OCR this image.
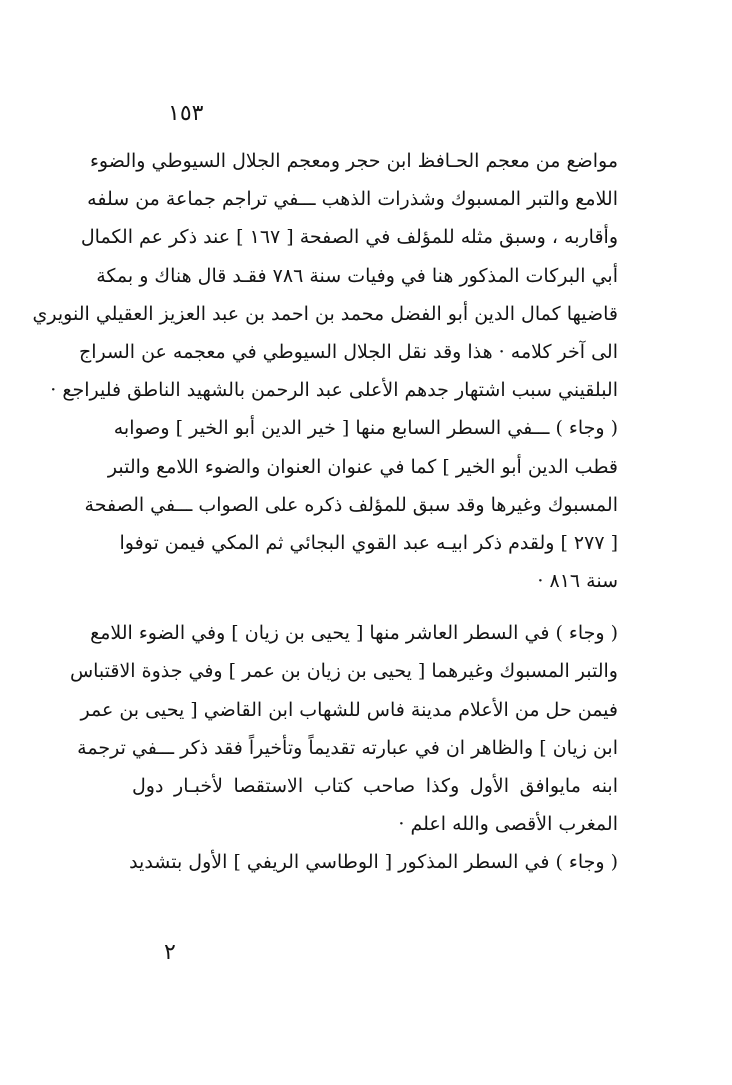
١٥٣
مواضع من معجم الحـافظ ابن حجر ومعجم الجلال السيوطي والضوء
اللامع والتبر المسبوك وشذرات الذهب ـــفي تراجم جماعة من سلفه
وأقاربه ، وسبق مثله للمؤلف في الصفحة [ ١٦٧ ] عند ذكر عم الكمال
أبي البركات المذكور هنا في وفيات سنة ٧٨٦ فقـد قال هناك و بمكة
قاضيها كمال الدين أبو الفضل محمد بن احمد بن عبد العزيز العقيلي النويري
الى آخر كلامه · هذا وقد نقل الجلال السيوطي في معجمه عن السراج
البلقيني سبب اشتهار جدهم الأعلى عبد الرحمن بالشهيد الناطق فليراجع ·
( وجاء ) ـــفي السطر السابع منها [ خير الدين أبو الخير ] وصوابه
قطب الدين أبو الخير ] كما في عنوان العنوان والضوء اللامع والتبر
المسبوك وغيرها وقد سبق للمؤلف ذكره على الصواب ـــفي الصفحة
[ ٢٧٧ ] ولقدم ذكر ابيـه عبد القوي البجائي ثم المكي فيمن توفوا
سنة ٨١٦ ·
( وجاء ) في السطر العاشر منها [ يحيى بن زيان ] وفي الضوء اللامع
والتبر المسبوك وغيرهما [ يحيى بن زيان بن عمر ] وفي جذوة الاقتباس
فيمن حل من الأعلام مدينة فاس للشهاب ابن القاضي [ يحيى بن عمر
ابن زيان ] والظاهر ان في عبارته تقديماً وتأخيراً فقد ذكر ـــفي ترجمة
ابنه مايوافق الأول وكذا صاحب كتاب الاستقصا لأخبـار دول
المغرب الأقصى والله اعلم ·
( وجاء ) في السطر المذكور [ الوطاسي الريفي ] الأول بتشديد
٢
